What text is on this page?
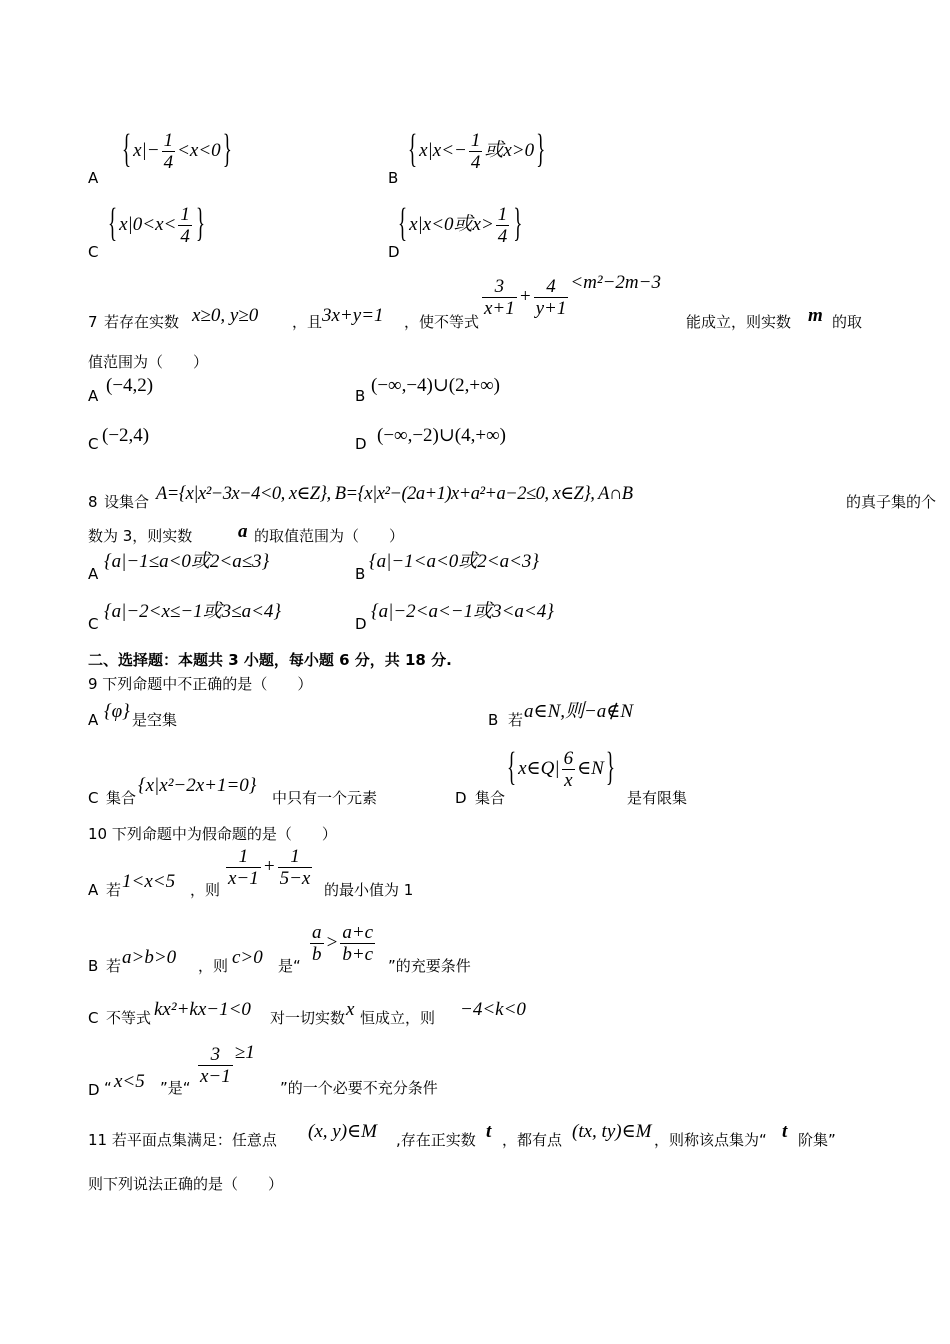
A
{ $x|- \frac{1}{4} <x<0$ }
B
{ $x|x<- \frac{1}{4}$ 或x>0 }
C
{ $x|0<x< \frac{1}{4}$ }
D
{ x|x<0或$x> \frac{1}{4}$ }
7 若存在实数 x≥0, y≥0 ，且 3x+y=1 ，使不等式
$\frac{3}{x+1} + \frac{4}{y+1} <m^2-2m-3$
能成立，则实数 m 的取
值范围为（　　）
A (−4,2)	B (−∞,−4)∪(2,+∞)
C (−2,4)	D (−∞,−2)∪(4,+∞)
8 设集合 A={x|x²−3x−4<0, x∈Z}, B={x|x²−(2a+1)x+a²+a−2≤0, x∈Z}, A∩B	的真子集的个
数为 3，则实数 a 的取值范围为（　　）
A
{a|−1≤a<0或2<a≤3}
B
{a|−1<a<0或2<a<3}
C
{a|−2<x≤−1或3≤a<4}
D
{a|−2<a<−1或3<a<4}
二、选择题：本题共 3 小题，每小题 6 分，共 18 分.
9 下列命题中不正确的是（　　）
A {φ} 是空集	B 若 a∈N,则−a∉N
C 集合
{x|x²−2x+1=0}
中只有一个元素	D 集合
{ x∈Q| $\frac{6}{x}$ ∈N }
是有限集
10 下列命题中为假命题的是（　　）
A 若 1<x<5 ，则
$\frac{1}{x-1} + \frac{1}{5-x}$
的最小值为 1
B 若 a>b>0 ，则 c>0 是“
$\frac{a}{b} > \frac{a+c}{b+c}$
”的充要条件
C 不等式 kx²+kx−1<0 对一切实数 x 恒成立，则 −4<k<0
D “ x<5 ”是“
$\frac{3}{x-1} \ge 1$
”的一个必要不充分条件
11 若平面点集满足：任意点 (x, y)∈M ,存在正实数 t ，都有点 (tx, ty)∈M ，则称该点集为“ t 阶集”
则下列说法正确的是（　　）
